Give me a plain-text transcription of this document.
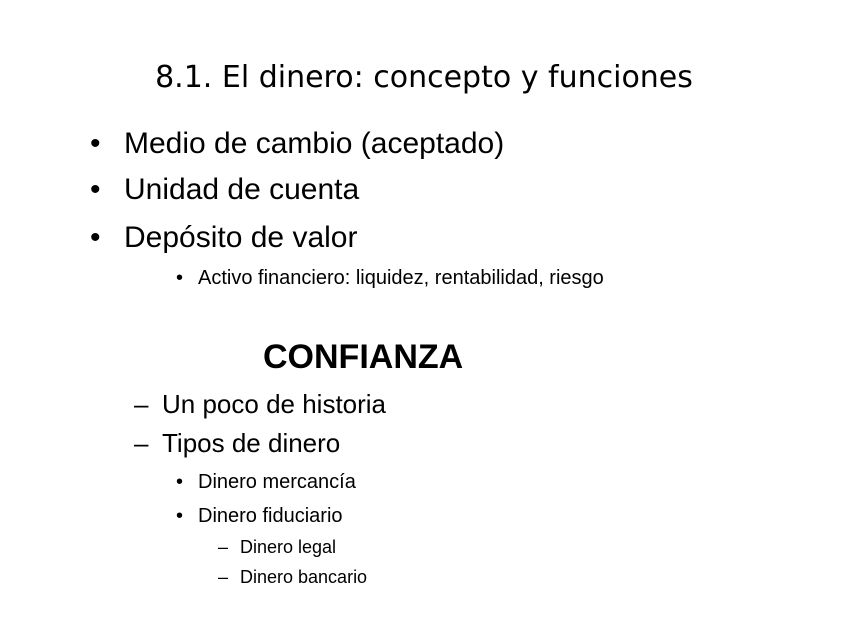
8.1. El dinero: concepto y funciones
• Medio de cambio (aceptado)
• Unidad de cuenta
• Depósito de valor
• Activo financiero: liquidez, rentabilidad, riesgo
CONFIANZA
– Un poco de historia
– Tipos de dinero
• Dinero mercancía
• Dinero fiduciario
– Dinero legal
– Dinero bancario
